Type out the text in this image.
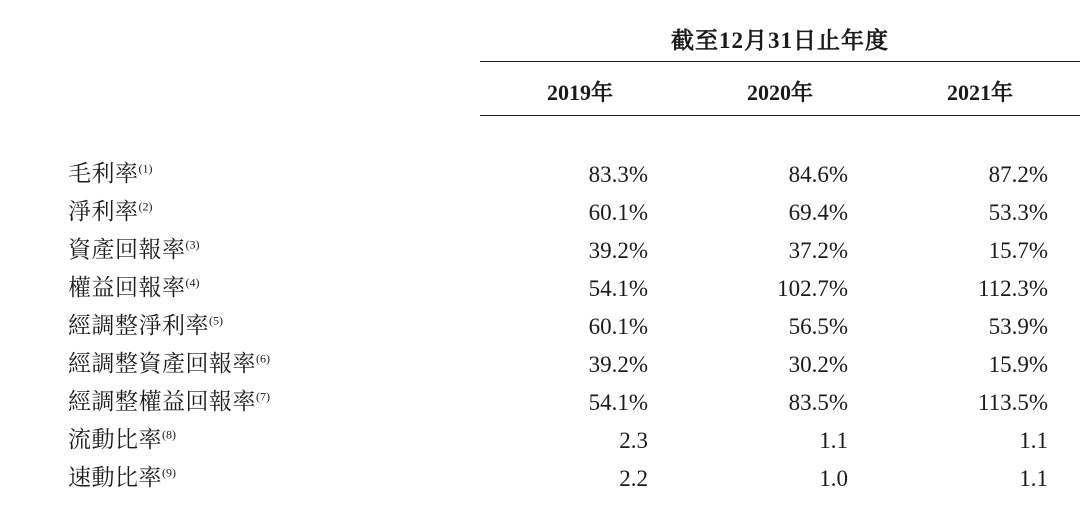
	截至12月31日止年度		

	2019年	2020年	2021年

毛利率$^{(1)}$	83.3%	84.6%	87.2%
淨利率$^{(2)}$	60.1%	69.4%	53.3%
資產回報率$^{(3)}$	39.2%	37.2%	15.7%
權益回報率$^{(4)}$	54.1%	102.7%	112.3%
經調整淨利率$^{(5)}$	60.1%	56.5%	53.9%
經調整資產回報率$^{(6)}$	39.2%	30.2%	15.9%
經調整權益回報率$^{(7)}$	54.1%	83.5%	113.5%
流動比率$^{(8)}$	2.3	1.1	1.1
速動比率$^{(9)}$	2.2	1.0	1.1
